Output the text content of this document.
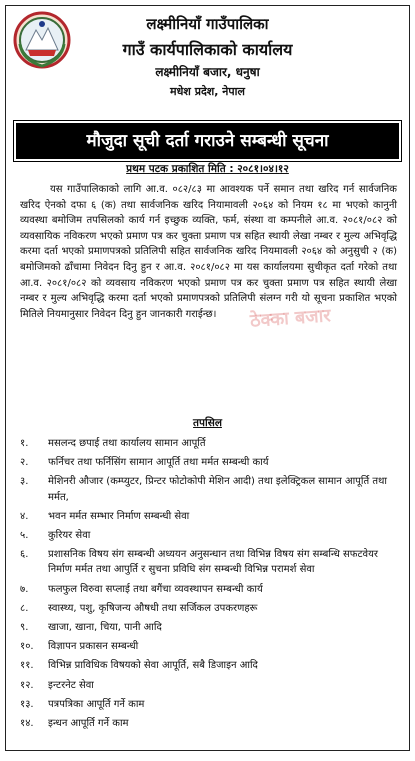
लक्ष्मीनियाँ गाउँपालिका
गाउँ कार्यपालिकाको कार्यालय
लक्ष्मीनियाँ बजार, धनुषा
मधेश प्रदेश, नेपाल
मौजुदा सूची दर्ता गराउने सम्बन्धी सूचना
प्रथम पटक प्रकाशित मिति : २०८१।०४।१२
यस गाउँपालिकाको लागि आ.व. ०८२/८३ मा आवश्यक पर्ने समान तथा खरिद गर्न सार्वजनिक खरिद ऐनको दफा ६ (क) तथा सार्वजनिक खरिद नियामावली २०६४ को नियम १८ मा भएको कानुनी व्यवस्था बमोजिम तपसिलको कार्य गर्न इच्छुक व्यक्ति, फर्म, संस्था वा कम्पनीले आ.व. २०८१/०८२ को व्यवसायिक नविकरण भएको प्रमाण पत्र कर चुक्ता प्रमाण पत्र सहित स्थायी लेखा नम्बर र मुल्य अभिवृद्धि करमा दर्ता भएको प्रमाणपत्रको प्रतिलिपी सहित सार्वजनिक खरिद नियमावली २०६४ को अनुसुची २ (क) बमोजिमको ढाँचामा निवेदन दिनु हुन र आ.व. २०८१/०८२ मा यस कार्यालयमा सुचीकृत दर्ता गरेको तथा आ.व. २०८१/०८२ को व्यवसाय नविकरण भएको प्रमाण पत्र कर चुक्ता प्रमाण पत्र सहित स्थायी लेखा नम्बर र मुल्य अभिवृद्धि करमा दर्ता भएको प्रमाणपत्रको प्रतिलिपी संलग्न गरी यो सूचना प्रकाशित भएको मितिले नियमानुसार निवेदन दिनु हुन जानकारी गराईन्छ।	ठेक्का बजार
तपसिल
१.	मसलन्द छपाई तथा कार्यालय सामान आपूर्ति
२.	फर्निचर तथा फर्निसिंग सामान आपूर्ति तथा मर्मत सम्बन्धी कार्य
३.	मेशिनरी औजार (कम्प्युटर, प्रिन्टर फोटोकोपी मेशिन आदी) तथा इलेक्ट्रिकल सामान आपूर्ति तथा मर्मत,
४.	भवन मर्मत सम्भार निर्माण सम्बन्धी सेवा
५.	कुरियर सेवा
६.	प्रशासनिक विषय संग सम्बन्धी अध्ययन अनुसन्धान तथा विभिन्न विषय संग सम्बन्धि सफटवेयर निर्माण मर्मत तथा आपुर्ति र सुचना प्रविधि संग सम्बन्धी विभिन्न परामर्श सेवा
७.	फलफुल विरुवा सप्लाई तथा बगैंचा व्यवस्थापन सम्बन्धी कार्य
८.	स्वास्थ्य, पशु, कृषिजन्य औषधी तथा सर्जिकल उपकरणहरू
९.	खाजा, खाना, चिया, पानी आदि
१०.	विज्ञापन प्रकासन सम्बन्धी
११.	विभिन्न प्राविधिक विषयको सेवा आपूर्ति, सबै डिजाइन आदि
१२.	इन्टरनेट सेवा
१३.	पत्रपत्रिका आपूर्ति गर्ने काम
१४.	इन्धन आपूर्ति गर्ने काम
